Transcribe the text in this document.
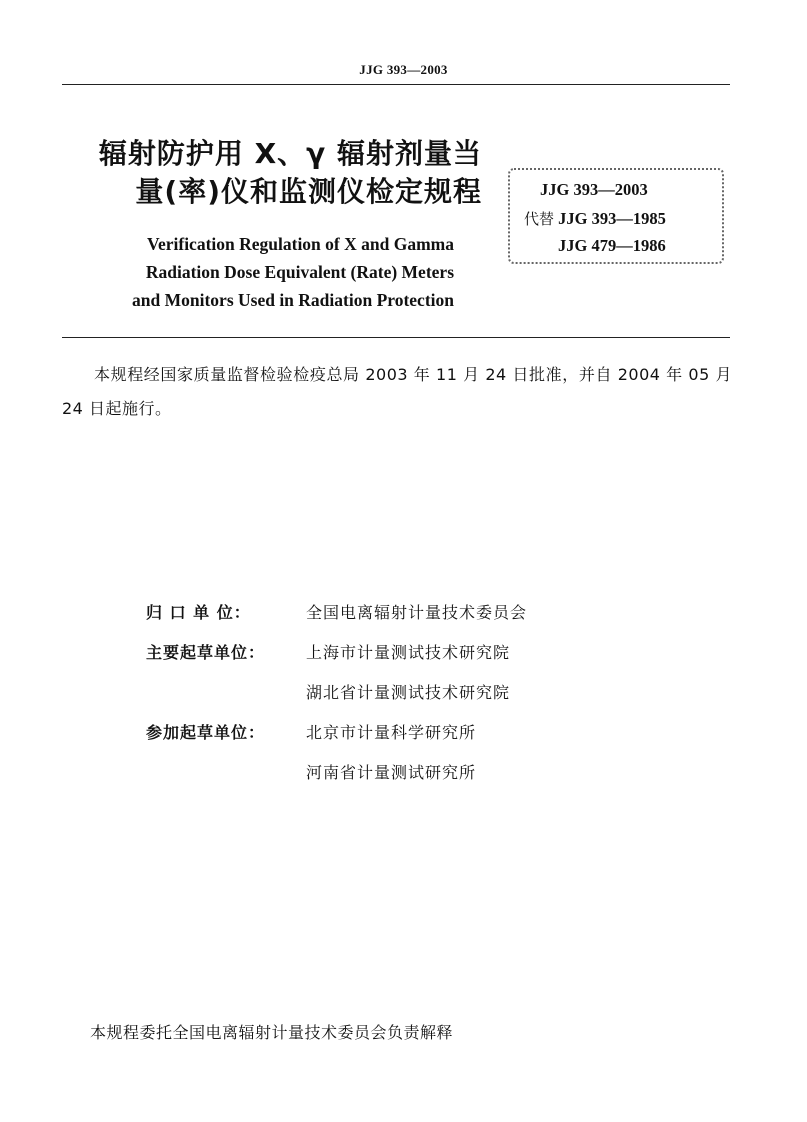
JJG 393—2003
辐射防护用 X、γ 辐射剂量当
量(率)仪和监测仪检定规程
Verification Regulation of X and Gamma
Radiation Dose Equivalent (Rate) Meters
and Monitors Used in Radiation Protection
JJG 393—2003
代替 JJG 393—1985
JJG 479—1986
本规程经国家质量监督检验检疫总局 2003 年 11 月 24 日批准，并自 2004 年 05 月 24 日起施行。
归 口 单 位：	全国电离辐射计量技术委员会
主要起草单位：	上海市计量测试技术研究院
湖北省计量测试技术研究院
参加起草单位：	北京市计量科学研究所
河南省计量测试研究所
本规程委托全国电离辐射计量技术委员会负责解释
